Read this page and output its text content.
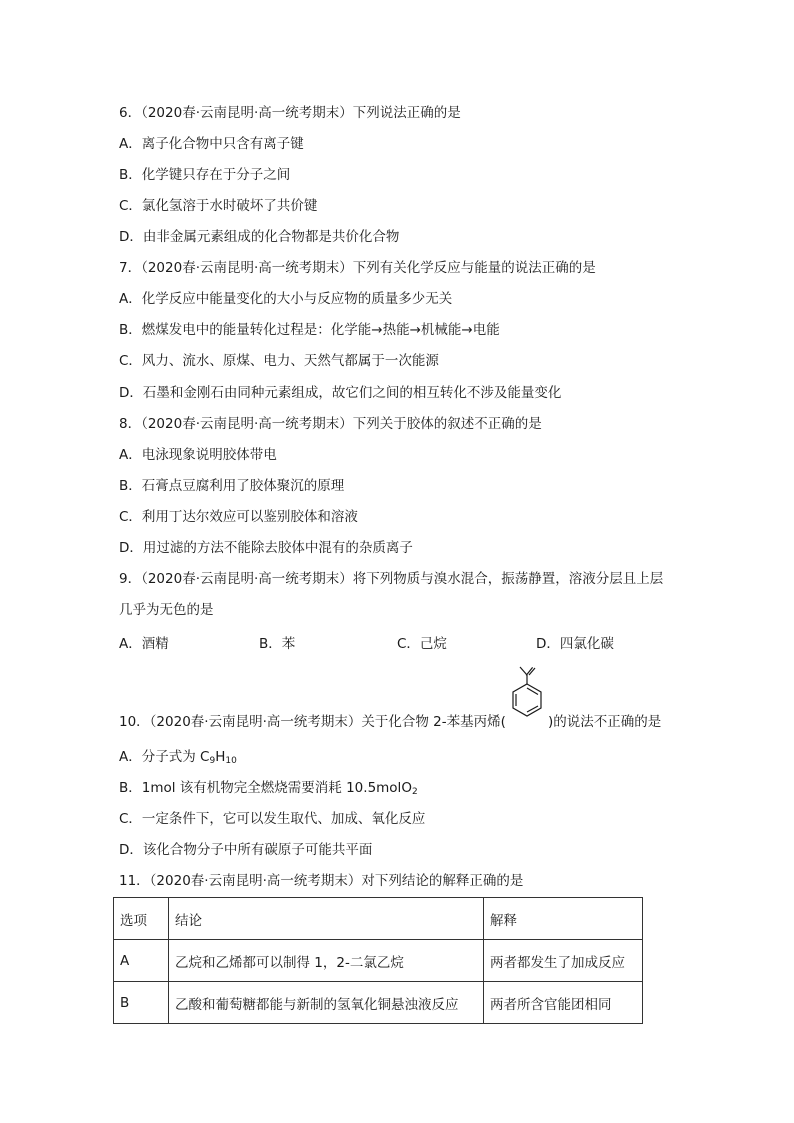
6．（2020春·云南昆明·高一统考期末）下列说法正确的是
A．离子化合物中只含有离子键
B．化学键只存在于分子之间
C．氯化氢溶于水时破坏了共价键
D．由非金属元素组成的化合物都是共价化合物
7．（2020春·云南昆明·高一统考期末）下列有关化学反应与能量的说法正确的是
A．化学反应中能量变化的大小与反应物的质量多少无关
B．燃煤发电中的能量转化过程是：化学能→热能→机械能→电能
C．风力、流水、原煤、电力、天然气都属于一次能源
D．石墨和金刚石由同种元素组成，故它们之间的相互转化不涉及能量变化
8．（2020春·云南昆明·高一统考期末）下列关于胶体的叙述不正确的是
A．电泳现象说明胶体带电
B．石膏点豆腐利用了胶体聚沉的原理
C．利用丁达尔效应可以鉴别胶体和溶液
D．用过滤的方法不能除去胶体中混有的杂质离子
9．（2020春·云南昆明·高一统考期末）将下列物质与溴水混合，振荡静置，溶液分层且上层
几乎为无色的是
A．酒精	B．苯	C．己烷	D．四氯化碳
10．（2020春·云南昆明·高一统考期末）关于化合物 2-苯基丙烯(	)的说法不正确的是
A．分子式为 $C_9H_{10}$
B．1mol 该有机物完全燃烧需要消耗 10.5molO$_2$
C．一定条件下，它可以发生取代、加成、氧化反应
D．该化合物分子中所有碳原子可能共平面
11．（2020春·云南昆明·高一统考期末）对下列结论的解释正确的是
选项	结论	解释
A	乙烷和乙烯都可以制得 1，2-二氯乙烷	两者都发生了加成反应
B	乙酸和葡萄糖都能与新制的氢氧化铜悬浊液反应	两者所含官能团相同
